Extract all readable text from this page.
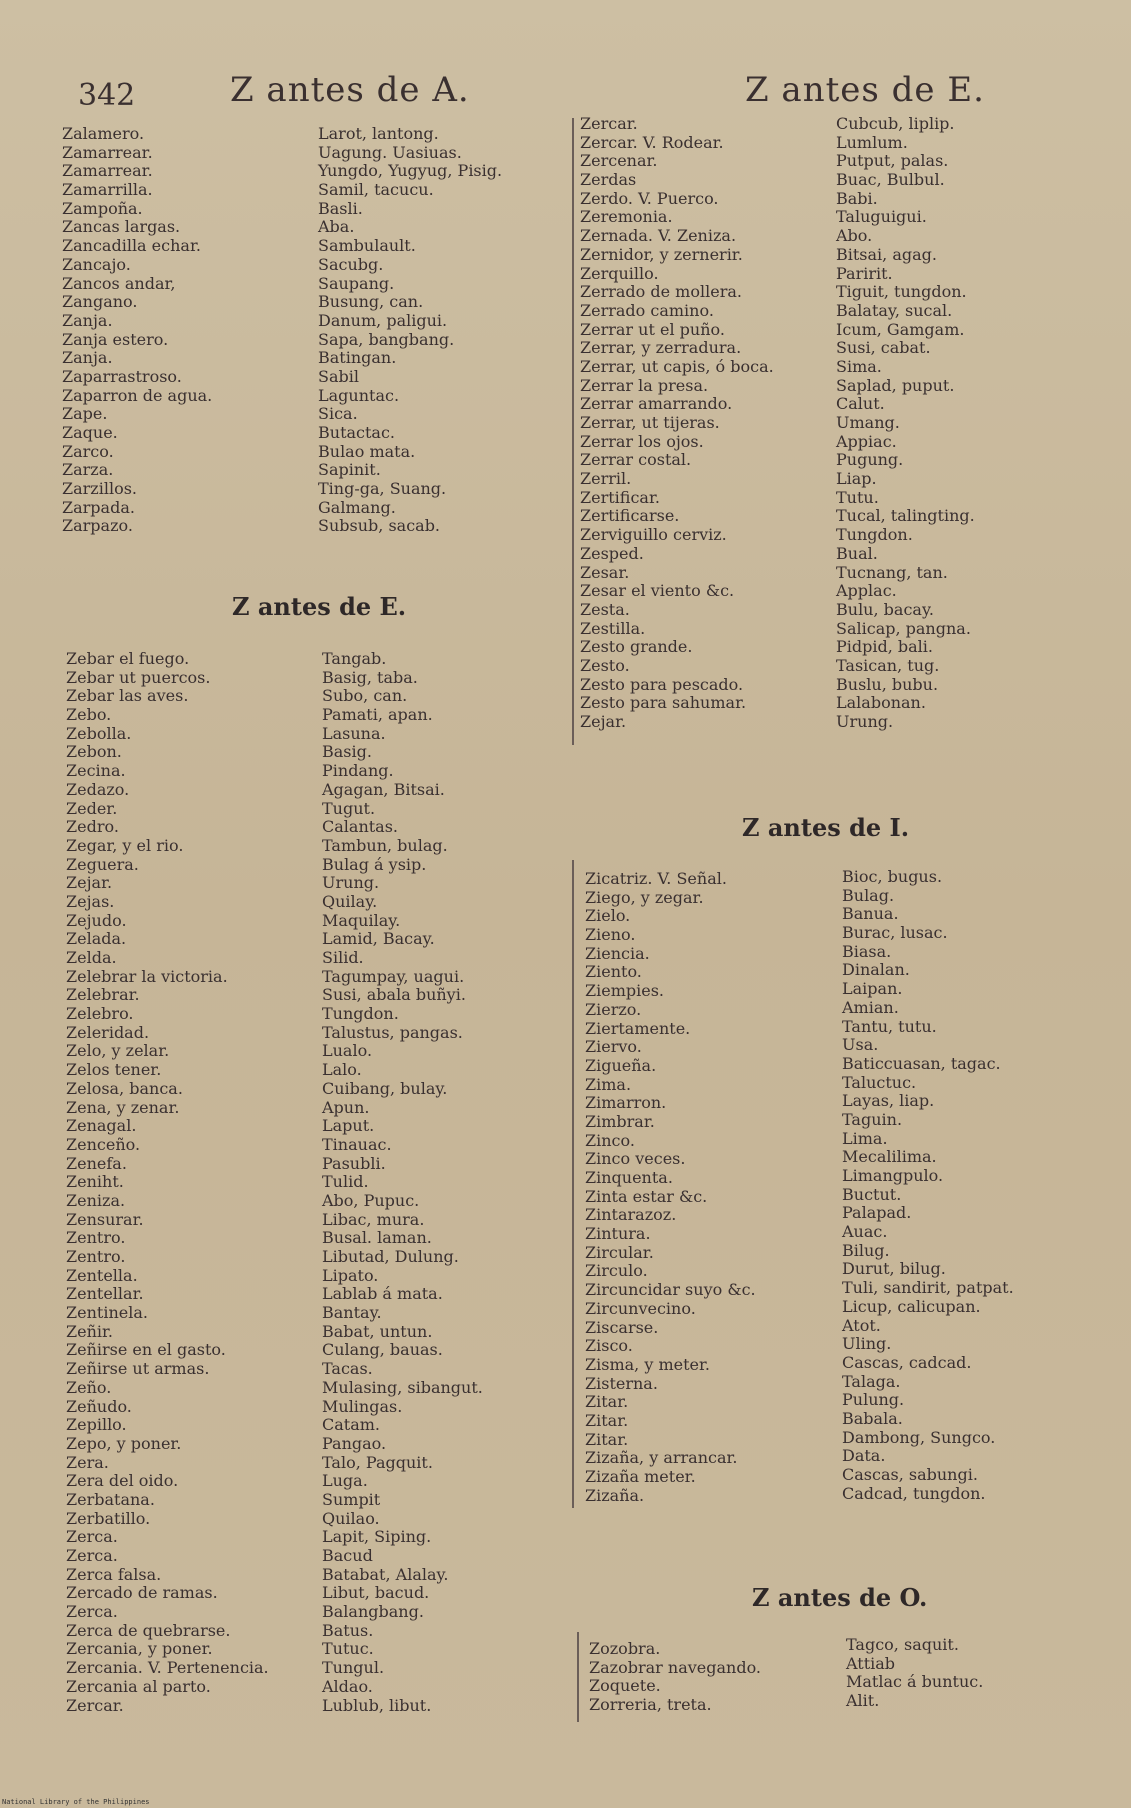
342	Z antes de A.	Z antes de E.
Z antes de E.
Z antes de I.
Z antes de O.
Zalamero.
Zamarrear.
Zamarrear.
Zamarrilla.
Zampoña.
Zancas largas.
Zancadilla echar.
Zancajo.
Zancos andar,
Zangano.
Zanja.
Zanja estero.
Zanja.
Zaparrastroso.
Zaparron de agua.
Zape.
Zaque.
Zarco.
Zarza.
Zarzillos.
Zarpada.
Zarpazo.
Larot, lantong.
Uagung. Uasiuas.
Yungdo, Yugyug, Pisig.
Samil, tacucu.
Basli.
Aba.
Sambulault.
Sacubg.
Saupang.
Busung, can.
Danum, paligui.
Sapa, bangbang.
Batingan.
Sabil
Laguntac.
Sica.
Butactac.
Bulao mata.
Sapinit.
Ting-ga, Suang.
Galmang.
Subsub, sacab.
Zebar el fuego.
Zebar ut puercos.
Zebar las aves.
Zebo.
Zebolla.
Zebon.
Zecina.
Zedazo.
Zeder.
Zedro.
Zegar, y el rio.
Zeguera.
Zejar.
Zejas.
Zejudo.
Zelada.
Zelda.
Zelebrar la victoria.
Zelebrar.
Zelebro.
Zeleridad.
Zelo, y zelar.
Zelos tener.
Zelosa, banca.
Zena, y zenar.
Zenagal.
Zenceño.
Zenefa.
Zeniht.
Zeniza.
Zensurar.
Zentro.
Zentro.
Zentella.
Zentellar.
Zentinela.
Zeñir.
Zeñirse en el gasto.
Zeñirse ut armas.
Zeño.
Zeñudo.
Zepillo.
Zepo, y poner.
Zera.
Zera del oido.
Zerbatana.
Zerbatillo.
Zerca.
Zerca.
Zerca falsa.
Zercado de ramas.
Zerca.
Zerca de quebrarse.
Zercania, y poner.
Zercania. V. Pertenencia.
Zercania al parto.
Zercar.
Tangab.
Basig, taba.
Subo, can.
Pamati, apan.
Lasuna.
Basig.
Pindang.
Agagan, Bitsai.
Tugut.
Calantas.
Tambun, bulag.
Bulag á ysip.
Urung.
Quilay.
Maquilay.
Lamid, Bacay.
Silid.
Tagumpay, uagui.
Susi, abala buñyi.
Tungdon.
Talustus, pangas.
Lualo.
Lalo.
Cuibang, bulay.
Apun.
Laput.
Tinauac.
Pasubli.
Tulid.
Abo, Pupuc.
Libac, mura.
Busal. laman.
Libutad, Dulung.
Lipato.
Lablab á mata.
Bantay.
Babat, untun.
Culang, bauas.
Tacas.
Mulasing, sibangut.
Mulingas.
Catam.
Pangao.
Talo, Pagquit.
Luga.
Sumpit
Quilao.
Lapit, Siping.
Bacud
Batabat, Alalay.
Libut, bacud.
Balangbang.
Batus.
Tutuc.
Tungul.
Aldao.
Lublub, libut.
Zercar.
Zercar. V. Rodear.
Zercenar.
Zerdas
Zerdo. V. Puerco.
Zeremonia.
Zernada. V. Zeniza.
Zernidor, y zernerir.
Zerquillo.
Zerrado de mollera.
Zerrado camino.
Zerrar ut el puño.
Zerrar, y zerradura.
Zerrar, ut capis, ó boca.
Zerrar la presa.
Zerrar amarrando.
Zerrar, ut tijeras.
Zerrar los ojos.
Zerrar costal.
Zerril.
Zertificar.
Zertificarse.
Zerviguillo cerviz.
Zesped.
Zesar.
Zesar el viento &c.
Zesta.
Zestilla.
Zesto grande.
Zesto.
Zesto para pescado.
Zesto para sahumar.
Zejar.
Cubcub, liplip.
Lumlum.
Putput, palas.
Buac, Bulbul.
Babi.
Taluguigui.
Abo.
Bitsai, agag.
Paririt.
Tiguit, tungdon.
Balatay, sucal.
Icum, Gamgam.
Susi, cabat.
Sima.
Saplad, puput.
Calut.
Umang.
Appiac.
Pugung.
Liap.
Tutu.
Tucal, talingting.
Tungdon.
Bual.
Tucnang, tan.
Applac.
Bulu, bacay.
Salicap, pangna.
Pidpid, bali.
Tasican, tug.
Buslu, bubu.
Lalabonan.
Urung.
Zicatriz. V. Señal.
Ziego, y zegar.
Zielo.
Zieno.
Ziencia.
Ziento.
Ziempies.
Zierzo.
Ziertamente.
Ziervo.
Zigueña.
Zima.
Zimarron.
Zimbrar.
Zinco.
Zinco veces.
Zinquenta.
Zinta estar &c.
Zintarazoz.
Zintura.
Zircular.
Zirculo.
Zircuncidar suyo &c.
Zircunvecino.
Ziscarse.
Zisco.
Zisma, y meter.
Zisterna.
Zitar.
Zitar.
Zitar.
Zizaña, y arrancar.
Zizaña meter.
Zizaña.
Bioc, bugus.
Bulag.
Banua.
Burac, lusac.
Biasa.
Dinalan.
Laipan.
Amian.
Tantu, tutu.
Usa.
Baticcuasan, tagac.
Taluctuc.
Layas, liap.
Taguin.
Lima.
Mecalilima.
Limangpulo.
Buctut.
Palapad.
Auac.
Bilug.
Durut, bilug.
Tuli, sandirit, patpat.
Licup, calicupan.
Atot.
Uling.
Cascas, cadcad.
Talaga.
Pulung.
Babala.
Dambong, Sungco.
Data.
Cascas, sabungi.
Cadcad, tungdon.
Zozobra.
Zazobrar navegando.
Zoquete.
Zorreria, treta.
Tagco, saquit.
Attiab
Matlac á buntuc.
Alit.
National Library of the Philippines
